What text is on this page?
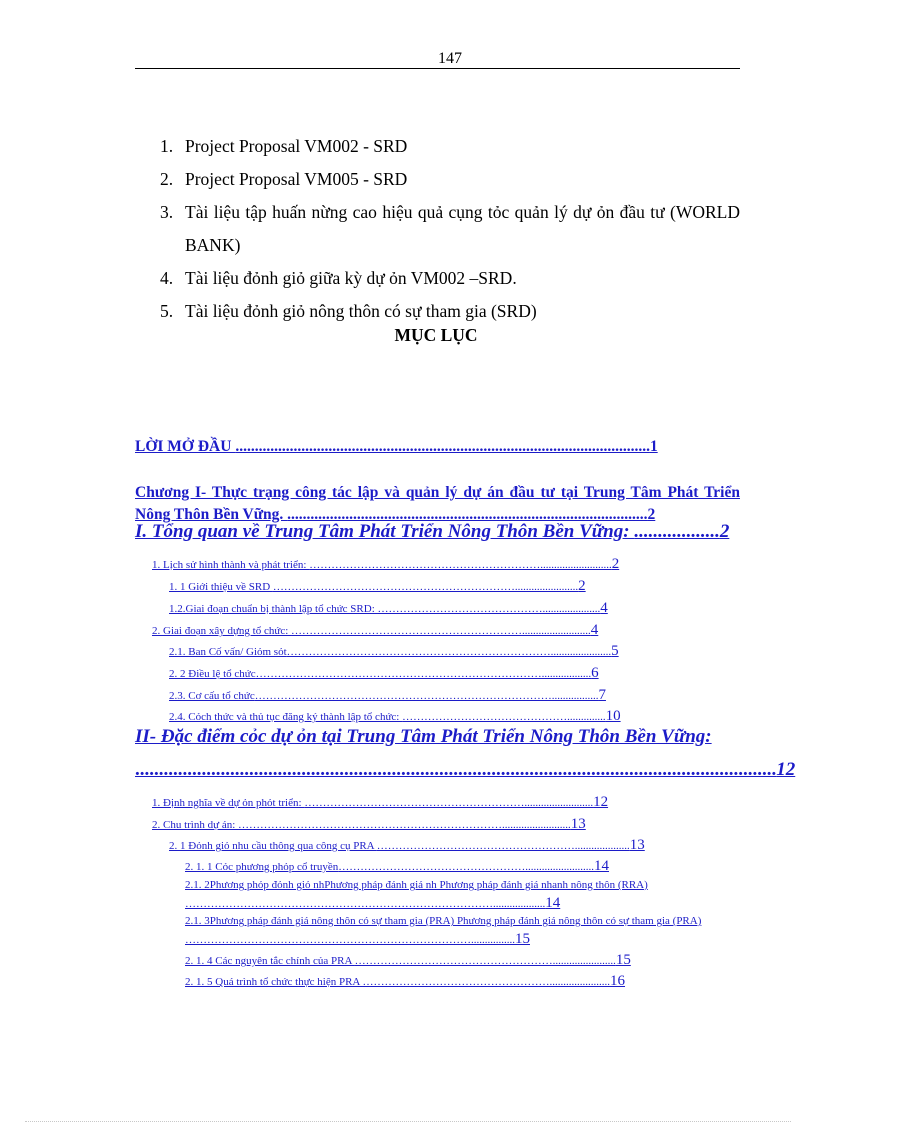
147
1. Project Proposal VM002 - SRD
2. Project Proposal VM005 - SRD
3. Tài liệu tập huấn nừng cao hiệu quả cụng tỏc quản lý dự ỏn đầu tư (WORLD BANK)
4. Tài liệu đỏnh giỏ giữa kỳ dự ỏn VM002 –SRD.
5. Tài liệu đỏnh giỏ nông thôn có sự tham gia (SRD)
MỤC LỤC
LỜI MỞ ĐẦU ...........................................................................................................1
Chương I- Thực trạng công tác lập và quản lý dự án đầu tư tại Trung Tâm Phát Triển Nông Thôn Bền Vững. .............................................................................................2
I. Tổng quan về Trung Tâm Phát Triển Nông Thôn Bền Vững: ..................2
1. Lịch sử hình thành và phát triển: ………………………………………………………..........................2
1. 1 Giới thiệu về SRD ………………………………………………………….......................2
1.2.Giai đoạn chuẩn bị thành lập tổ chức SRD: ……………………………………….....................4
2. Giai đoạn xây dựng tổ chức: ……………………………………………………….........................4
2.1. Ban Cố vấn/ Giỏm sỏt………………………………………………………………......................5
2. 2 Điều lệ tổ chức……………………………………………………………………..................6
2.3. Cơ cấu tổ chức……………………………………………………………………….................7
2.4. Cỏch thức và thủ tục đăng ký thành lập tổ chức: ………………………………………..............10
II- Đặc điểm cỏc dự ỏn tại Trung Tâm Phát Triển Nông Thôn Bền Vững:
.......................................................................................................................................12
1. Định nghĩa về dự ỏn phỏt triển: …………………………………………………….........................12
2. Chu trình dự án: ……………………………………………………………….........................13
2. 1 Đỏnh giỏ nhu cầu thông qua công cụ PRA ………………………………………………....................13
2. 1. 1 Cỏc phương phỏp cổ truyền…………………………………………….........................14
2.1. 2Phương phỏp đỏnh giỏ nhPhương pháp đánh giá nh Phương pháp đánh giá nhanh nông thôn (RRA) …………………………………………………………………………...................14
2.1. 3Phương pháp đánh giá nông thôn có sự tham gia (PRA) Phương pháp đánh giá nông thôn có sự tham gia (PRA) ……………………………………………………………………................15
2. 1. 4 Các nguyên tắc chính của PRA ……………………………………………….......................15
2. 1. 5 Quá trình tổ chức thực hiện PRA ……………………………………………......................16
